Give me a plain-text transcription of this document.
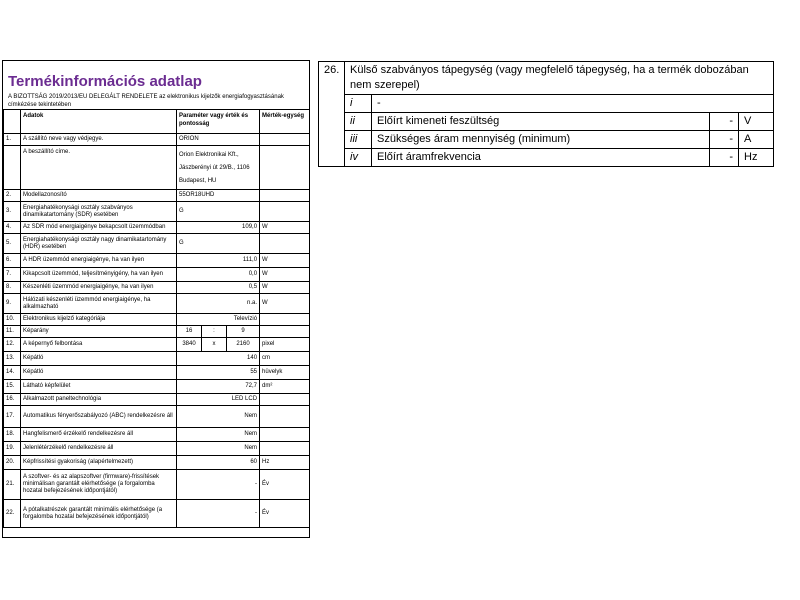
Termékinformációs adatlap
A BIZOTTSÁG 2019/2013/EU DELEGÁLT RENDELETE az elektronikus kijelzők energiafogyasztásának címkézése tekintetében
	Adatok	Paraméter vagy érték és pontosság			Mérték-egység
1.	A szállító neve vagy védjegye.	ORION			
	A beszállító címe.	Orion Elektronikai Kft.,
Jászberényi út 29/B., 1106
Budapest, HU			

2.	Modellazonosító	55OR18UHD			
3.	Energiahatékonysági osztály szabványos dinamikatartomány (SDR) esetében	G			
4.	Az SDR mód energiaigénye bekapcsolt üzemmódban	109,0			W
5.	Energiahatékonysági osztály nagy dinamikatartomány (HDR) esetében	G			
6.	A HDR üzemmód energiaigénye, ha van ilyen	111,0			W
7.	Kikapcsolt üzemmód, teljesítményigény, ha van ilyen	0,0			W
8.	Készenléti üzemmód energiaigénye, ha van ilyen	0,5			W
9.	Hálózati készenléti üzemmód energiaigénye, ha alkalmazható	n.a.			W
10.	Elektronikus kijelző kategóriája	Televízió			
11.	Képarány	16	:	9	
12.	A képernyő felbontása	3840	x	2160	pixel
13.	Képátló	140			cm
14.	Képátló	55			hüvelyk
15.	Látható képfelület	72,7			dm²
16.	Alkalmazott paneltechnológia	LED LCD			
17.	Automatikus fényerőszabályozó (ABC) rendelkezésre áll	Nem			
18.	Hangfelismerő érzékelő rendelkezésre áll	Nem			
19.	Jelenlétérzékelő rendelkezésre áll	Nem			
20.	Képfrissítési gyakoriság (alapértelmezett)	60			Hz
21.	A szoftver- és az alapszoftver (firmware)-frissítések minimálisan garantált elérhetősége (a forgalomba hozatal befejezésének időpontjától)	-			Év
22.	A pótalkatrészek garantált minimális elérhetősége (a forgalomba hozatal befejezésének időpontjától)	-			Év
26.	Külső szabványos tápegység (vagy megfelelő tápegység, ha a termék dobozában nem szerepel)			
	i	-		
	ii	Előírt kimeneti feszültség	-	V
	iii	Szükséges áram mennyiség (minimum)	-	A
	iv	Előírt áramfrekvencia	-	Hz
